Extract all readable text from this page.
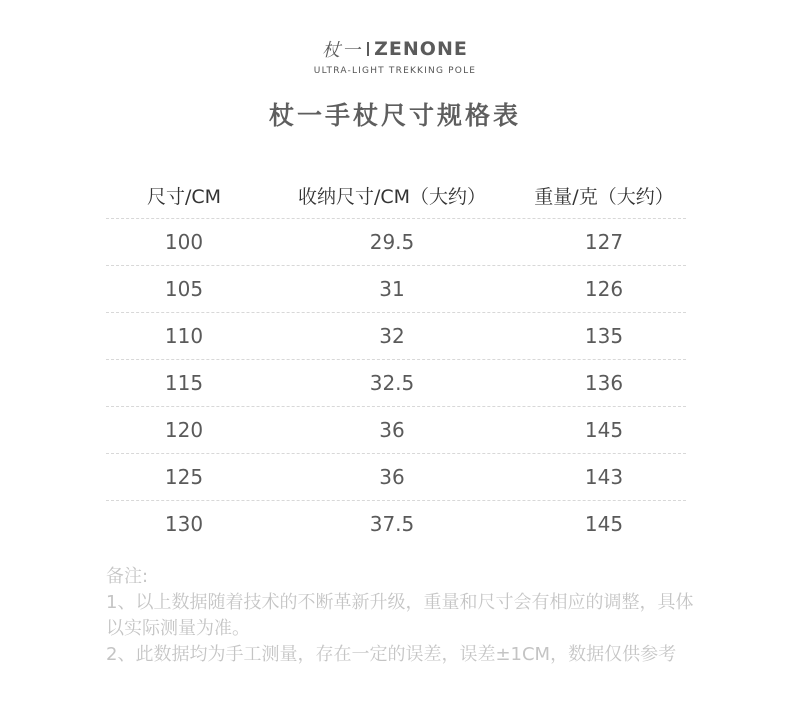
杖一 ZENONE
ULTRA-LIGHT TREKKING POLE
杖一手杖尺寸规格表
尺寸/CM	收纳尺寸/CM（大约）	重量/克（大约）
100	29.5	127
105	31	126
110	32	135
115	32.5	136
120	36	145
125	36	143
130	37.5	145

备注:

1、以上数据随着技术的不断革新升级，重量和尺寸会有相应的调整，具体以实际测量为准。

2、此数据均为手工测量，存在一定的误差，误差±1CM，数据仅供参考
